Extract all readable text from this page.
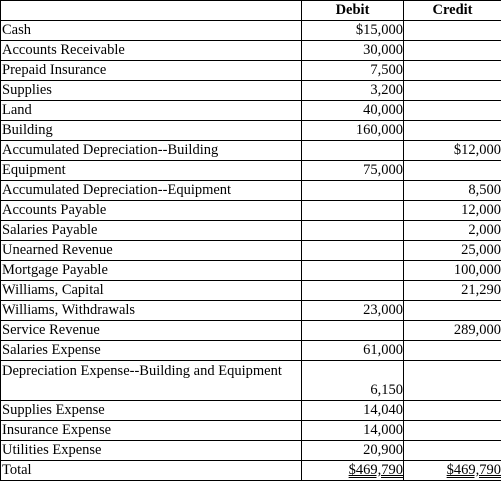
	Debit	Credit
Cash	$15,000	
Accounts Receivable	30,000	
Prepaid Insurance	7,500	
Supplies	3,200	
Land	40,000	
Building	160,000	
Accumulated Depreciation--Building		$12,000
Equipment	75,000	
Accumulated Depreciation--Equipment		8,500
Accounts Payable		12,000
Salaries Payable		2,000
Unearned Revenue		25,000
Mortgage Payable		100,000
Williams, Capital		21,290
Williams, Withdrawals	23,000	
Service Revenue		289,000
Salaries Expense	61,000	
Depreciation Expense--Building and Equipment	6,150	
Supplies Expense	14,040	
Insurance Expense	14,000	
Utilities Expense	20,900	
Total	$469,790	$469,790
